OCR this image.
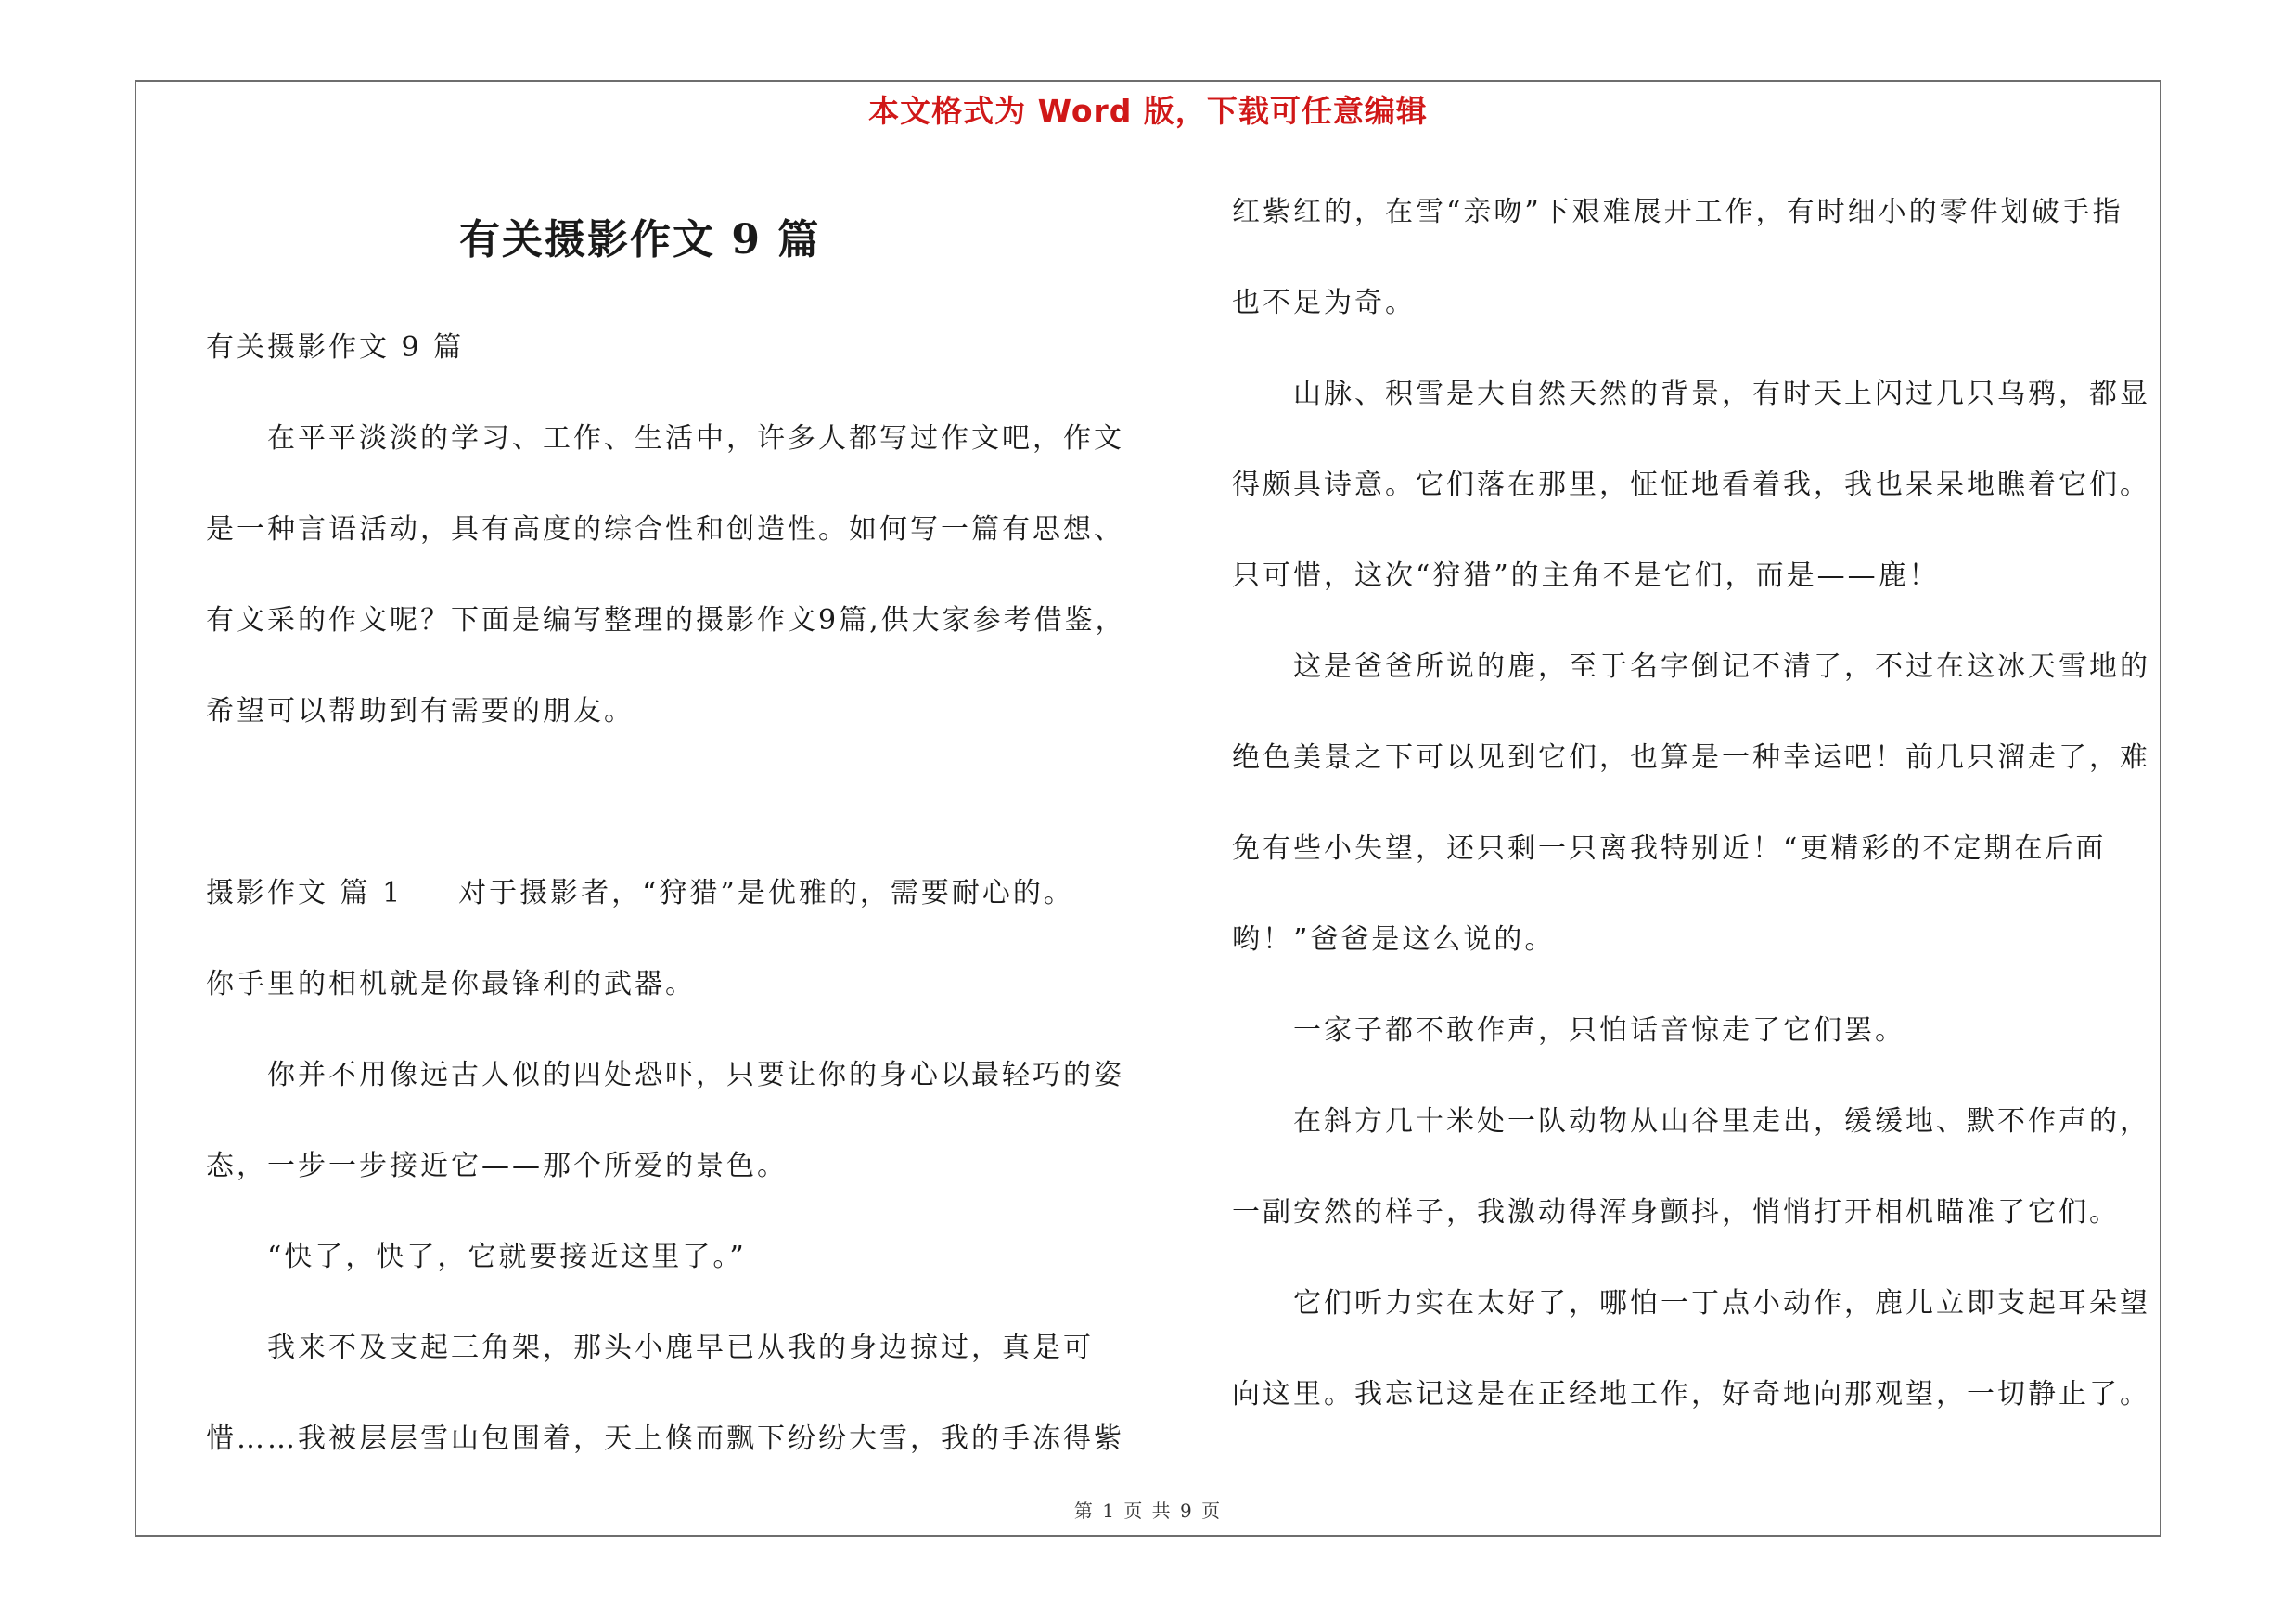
本文格式为 Word 版，下载可任意编辑
有关摄影作文 9 篇
有关摄影作文 9 篇
在平平淡淡的学习、工作、生活中，许多人都写过作文吧，作文
是一种言语活动，具有高度的综合性和创造性。如何写一篇有思想、
有文采的作文呢？下面是编写整理的摄影作文9篇,供大家参考借鉴，
希望可以帮助到有需要的朋友。
摄影作文 篇 1 对于摄影者，“狩猎”是优雅的，需要耐心的。
你手里的相机就是你最锋利的武器。
你并不用像远古人似的四处恐吓，只要让你的身心以最轻巧的姿
态，一步一步接近它——那个所爱的景色。
“快了，快了，它就要接近这里了。”
我来不及支起三角架，那头小鹿早已从我的身边掠过，真是可
惜……我被层层雪山包围着，天上倏而飘下纷纷大雪，我的手冻得紫
红紫红的，在雪“亲吻”下艰难展开工作，有时细小的零件划破手指
也不足为奇。
山脉、积雪是大自然天然的背景，有时天上闪过几只乌鸦，都显
得颇具诗意。它们落在那里，怔怔地看着我，我也呆呆地瞧着它们。
只可惜，这次“狩猎”的主角不是它们，而是——鹿！
这是爸爸所说的鹿，至于名字倒记不清了，不过在这冰天雪地的
绝色美景之下可以见到它们，也算是一种幸运吧！前几只溜走了，难
免有些小失望，还只剩一只离我特别近！“更精彩的不定期在后面
哟！”爸爸是这么说的。
一家子都不敢作声，只怕话音惊走了它们罢。
在斜方几十米处一队动物从山谷里走出，缓缓地、默不作声的，
一副安然的样子，我激动得浑身颤抖，悄悄打开相机瞄准了它们。
它们听力实在太好了，哪怕一丁点小动作，鹿儿立即支起耳朵望
向这里。我忘记这是在正经地工作，好奇地向那观望，一切静止了。
第 1 页 共 9 页
